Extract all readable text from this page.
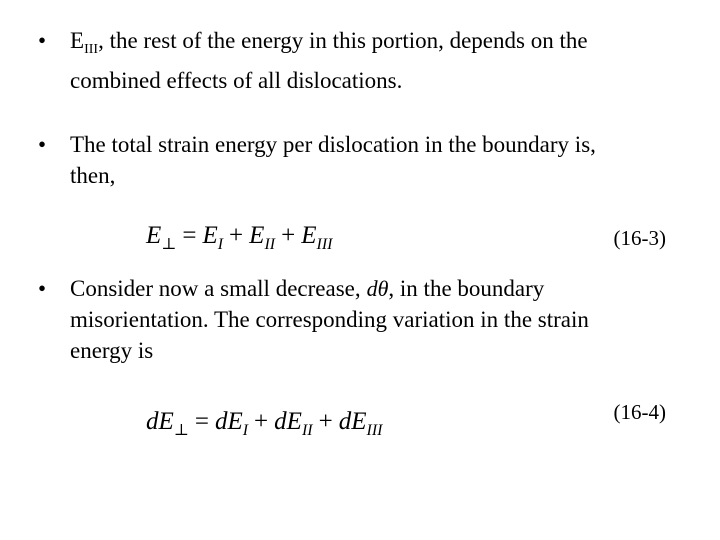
• $E_{III}$, the rest of the energy in this portion, depends on the
combined effects of all dislocations.
• The total strain energy per dislocation in the boundary is,
then,
$E_\perp = E_I + E_{II} + E_{III}$	(16-3)
• Consider now a small decrease, dθ, in the boundary
misorientation. The corresponding variation in the strain
energy is
$dE_\perp = dE_I + dE_{II} + dE_{III}$
(16-4)
